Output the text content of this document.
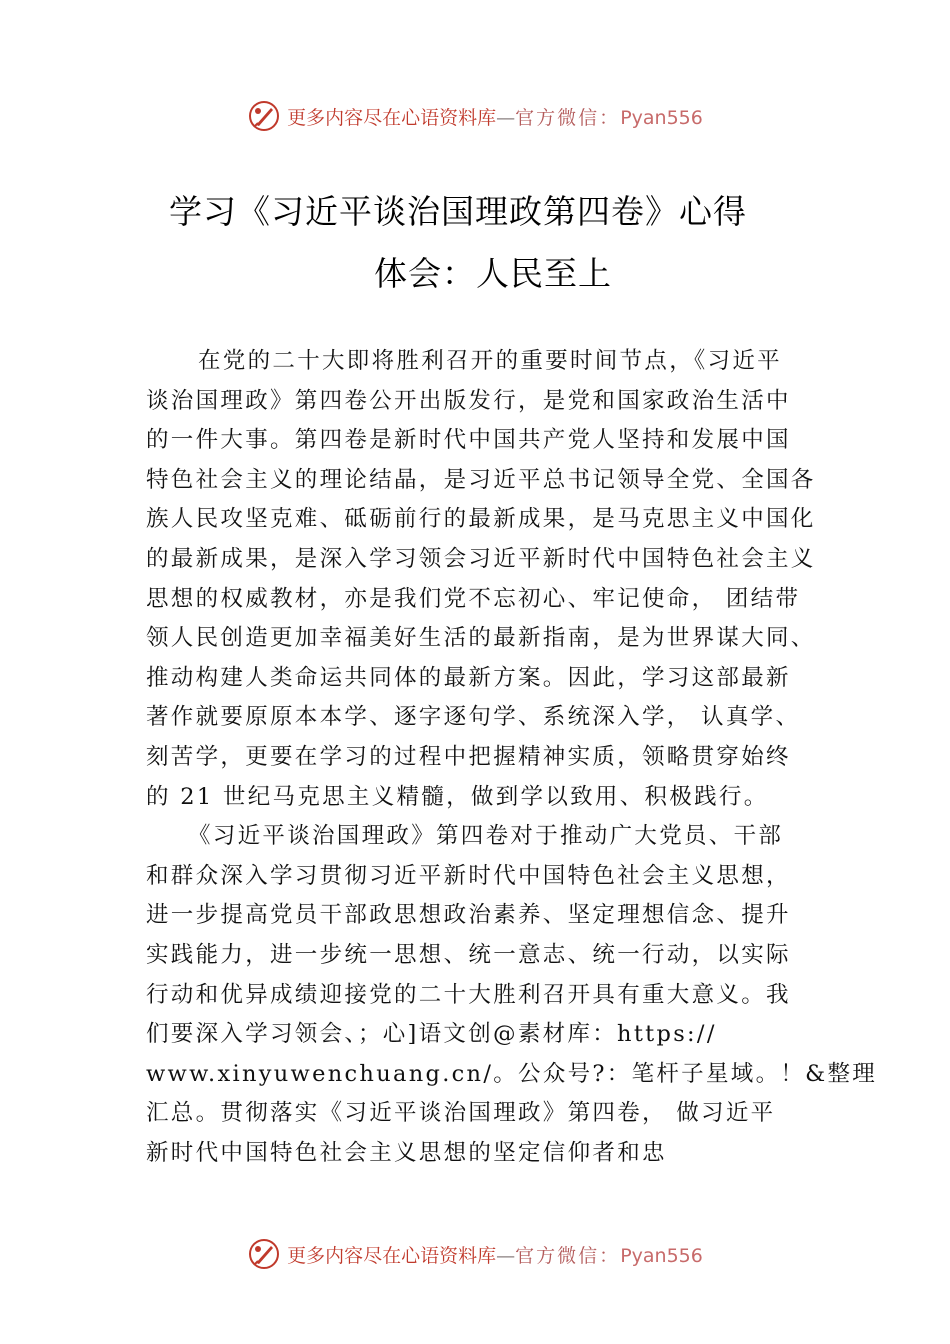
更多内容尽在心语资料库—官方微信：Pyan556
学习《习近平谈治国理政第四卷》心得
体会：人民至上
在党的二十大即将胜利召开的重要时间节点，《习近平
谈治国理政》第四卷公开出版发行，是党和国家政治生活中
的一件大事。第四卷是新时代中国共产党人坚持和发展中国
特色社会主义的理论结晶，是习近平总书记领导全党、全国各
族人民攻坚克难、砥砺前行的最新成果，是马克思主义中国化
的最新成果，是深入学习领会习近平新时代中国特色社会主义
思想的权威教材，亦是我们党不忘初心、牢记使命， 团结带
领人民创造更加幸福美好生活的最新指南，是为世界谋大同、
推动构建人类命运共同体的最新方案。因此，学习这部最新
著作就要原原本本学、逐字逐句学、系统深入学， 认真学、
刻苦学，更要在学习的过程中把握精神实质，领略贯穿始终
的 21 世纪马克思主义精髓，做到学以致用、积极践行。
《习近平谈治国理政》第四卷对于推动广大党员、干部
和群众深入学习贯彻习近平新时代中国特色社会主义思想，
进一步提高党员干部政思想政治素养、坚定理想信念、提升
实践能力，进一步统一思想、统一意志、统一行动，以实际
行动和优异成绩迎接党的二十大胜利召开具有重大意义。我
们要深入学习领会、；心]语文创@素材库：https://
www.xinyuwenchuang.cn/。公众号?：笔杆子星域。！&整理
汇总。贯彻落实《习近平谈治国理政》第四卷， 做习近平
新时代中国特色社会主义思想的坚定信仰者和忠
更多内容尽在心语资料库—官方微信：Pyan556
